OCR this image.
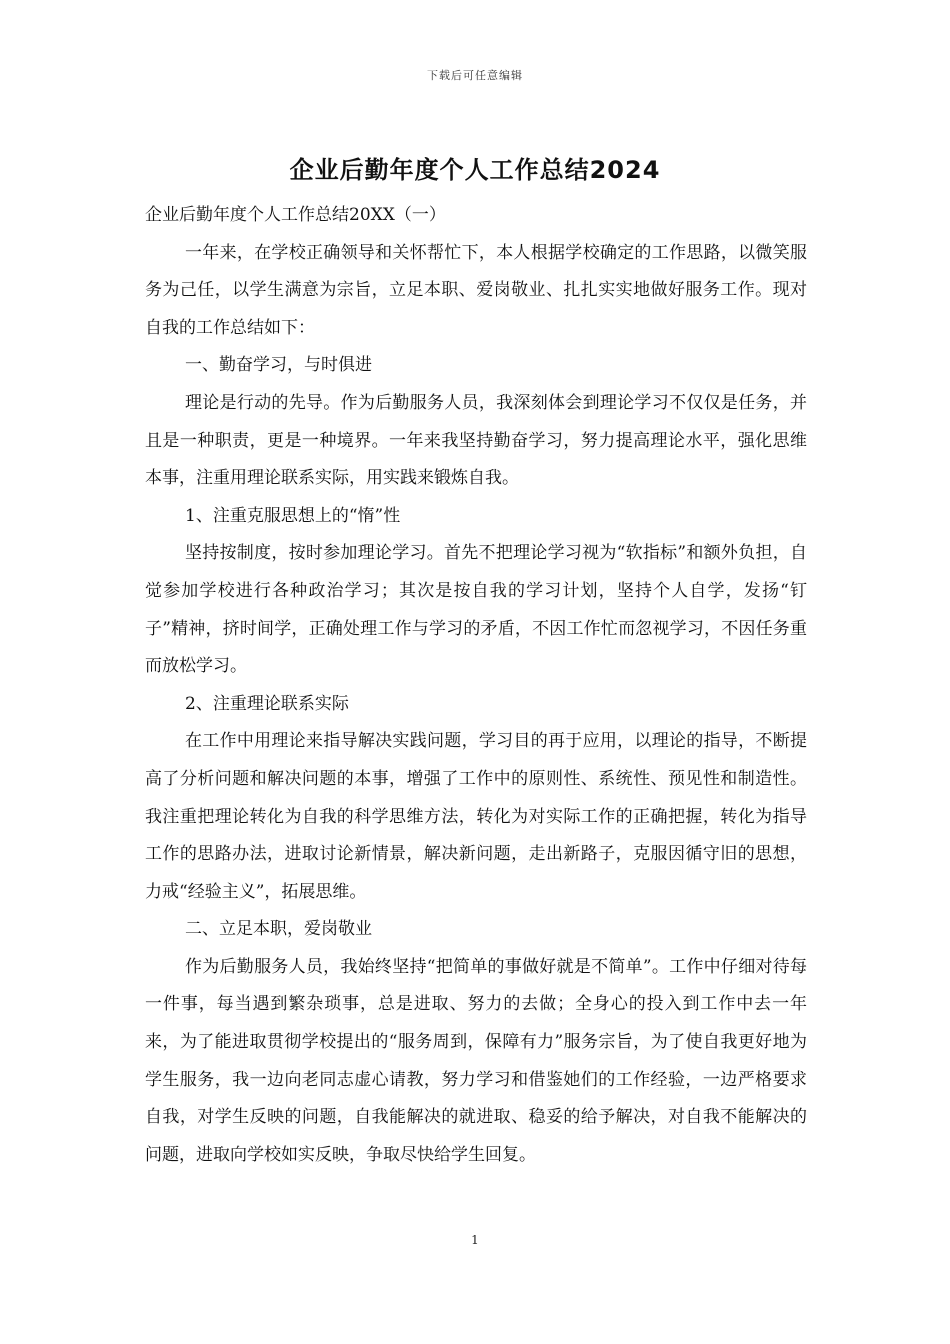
下载后可任意编辑
企业后勤年度个人工作总结2024

企业后勤年度个人工作总结20XX（一）

一年来，在学校正确领导和关怀帮忙下，本人根据学校确定的工作思路，以微笑服务为己任，以学生满意为宗旨，立足本职、爱岗敬业、扎扎实实地做好服务工作。现对自我的工作总结如下：

一、勤奋学习，与时俱进

理论是行动的先导。作为后勤服务人员，我深刻体会到理论学习不仅仅是任务，并且是一种职责，更是一种境界。一年来我坚持勤奋学习，努力提高理论水平，强化思维本事，注重用理论联系实际，用实践来锻炼自我。

1、注重克服思想上的“惰”性

坚持按制度，按时参加理论学习。首先不把理论学习视为“软指标”和额外负担，自觉参加学校进行各种政治学习；其次是按自我的学习计划，坚持个人自学，发扬“钉子”精神，挤时间学，正确处理工作与学习的矛盾，不因工作忙而忽视学习，不因任务重而放松学习。

2、注重理论联系实际

在工作中用理论来指导解决实践问题，学习目的再于应用，以理论的指导，不断提高了分析问题和解决问题的本事，增强了工作中的原则性、系统性、预见性和制造性。我注重把理论转化为自我的科学思维方法，转化为对实际工作的正确把握，转化为指导工作的思路办法，进取讨论新情景，解决新问题，走出新路子，克服因循守旧的思想，力戒“经验主义”，拓展思维。

二、立足本职，爱岗敬业

作为后勤服务人员，我始终坚持“把简单的事做好就是不简单”。工作中仔细对待每一件事，每当遇到繁杂琐事，总是进取、努力的去做；全身心的投入到工作中去一年来，为了能进取贯彻学校提出的“服务周到，保障有力”服务宗旨，为了使自我更好地为学生服务，我一边向老同志虚心请教，努力学习和借鉴她们的工作经验，一边严格要求自我，对学生反映的问题，自我能解决的就进取、稳妥的给予解决，对自我不能解决的问题，进取向学校如实反映，争取尽快给学生回复。

1
